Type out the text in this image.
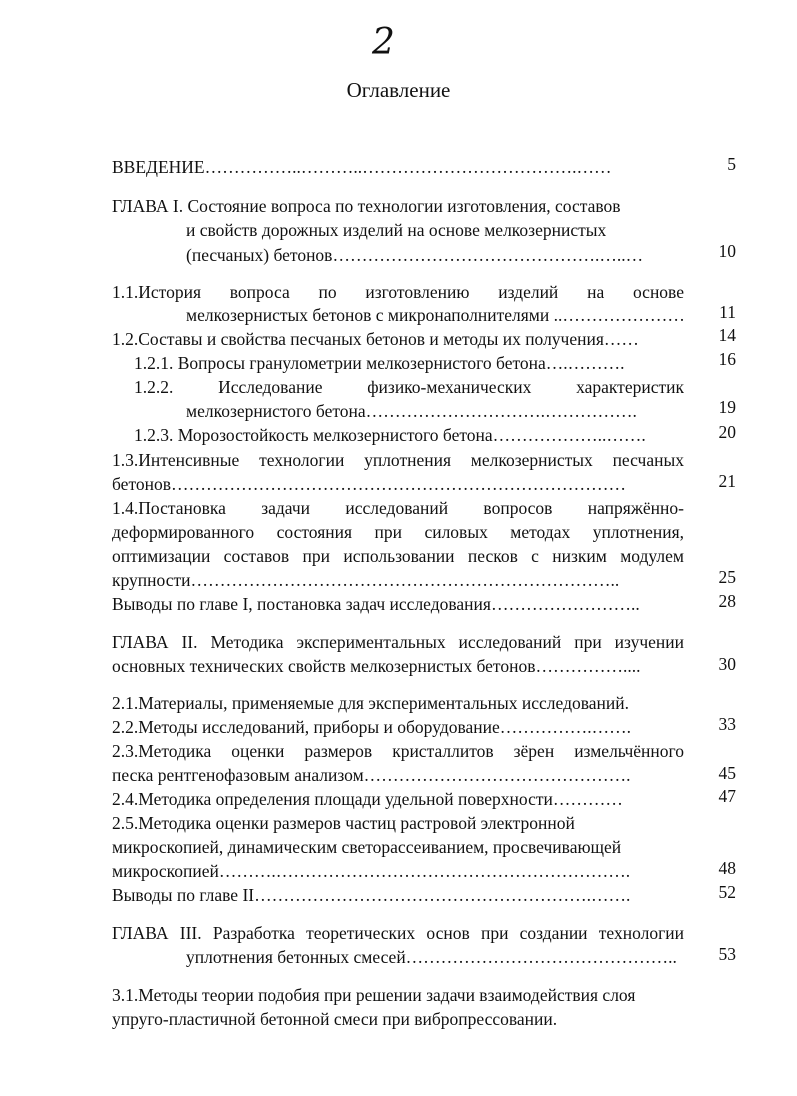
2
Оглавление
ВВЕДЕНИЕ……………..………..……………………………….……
ГЛАВА I. Состояние вопроса по технологии изготовления, составов
и свойств дорожных изделий на основе мелкозернистых
(песчаных) бетонов……………………………………….…..…
1.1.История вопроса по изготовлению изделий на основе
мелкозернистых бетонов с микронаполнителями ..…………………
1.2.Составы и свойства песчаных бетонов и методы их получения……
1.2.1. Вопросы гранулометрии мелкозернистого бетона….……….
1.2.2. Исследование физико-механических характеристик
мелкозернистого бетона………………………….…………….
1.2.3. Морозостойкость мелкозернистого бетона………………..…….
1.3.Интенсивные технологии уплотнения мелкозернистых песчаных
бетонов……………………………………………………………………
1.4.Постановка задачи исследований вопросов напряжённо-
деформированного состояния при силовых методах уплотнения,
оптимизации составов при использовании песков с низким модулем
крупности………………………………………………………………..
Выводы по главе I, постановка задач исследования……………………..
ГЛАВА II. Методика экспериментальных исследований при изучении
основных технических свойств мелкозернистых бетонов……………....
2.1.Материалы, применяемые для экспериментальных исследований.
2.2.Методы исследований, приборы и оборудование…………….…….
2.3.Методика оценки размеров кристаллитов зёрен измельчённого
песка рентгенофазовым анализом……………………………………….
2.4.Методика определения площади удельной поверхности…………
2.5.Методика оценки размеров частиц растровой электронной
микроскопией, динамическим светорассеиванием, просвечивающей
микроскопией……….…………………………………………………….
Выводы по главе II………………………………………………….…….
ГЛАВА III. Разработка теоретических основ при создании технологии
уплотнения бетонных смесей………………………………………..
3.1.Методы теории подобия при решении задачи взаимодействия слоя
упруго-пластичной бетонной смеси при вибропрессовании.
5
10
11
14
16
19
20
21
25
28
30
33
45
47
48
52
53
